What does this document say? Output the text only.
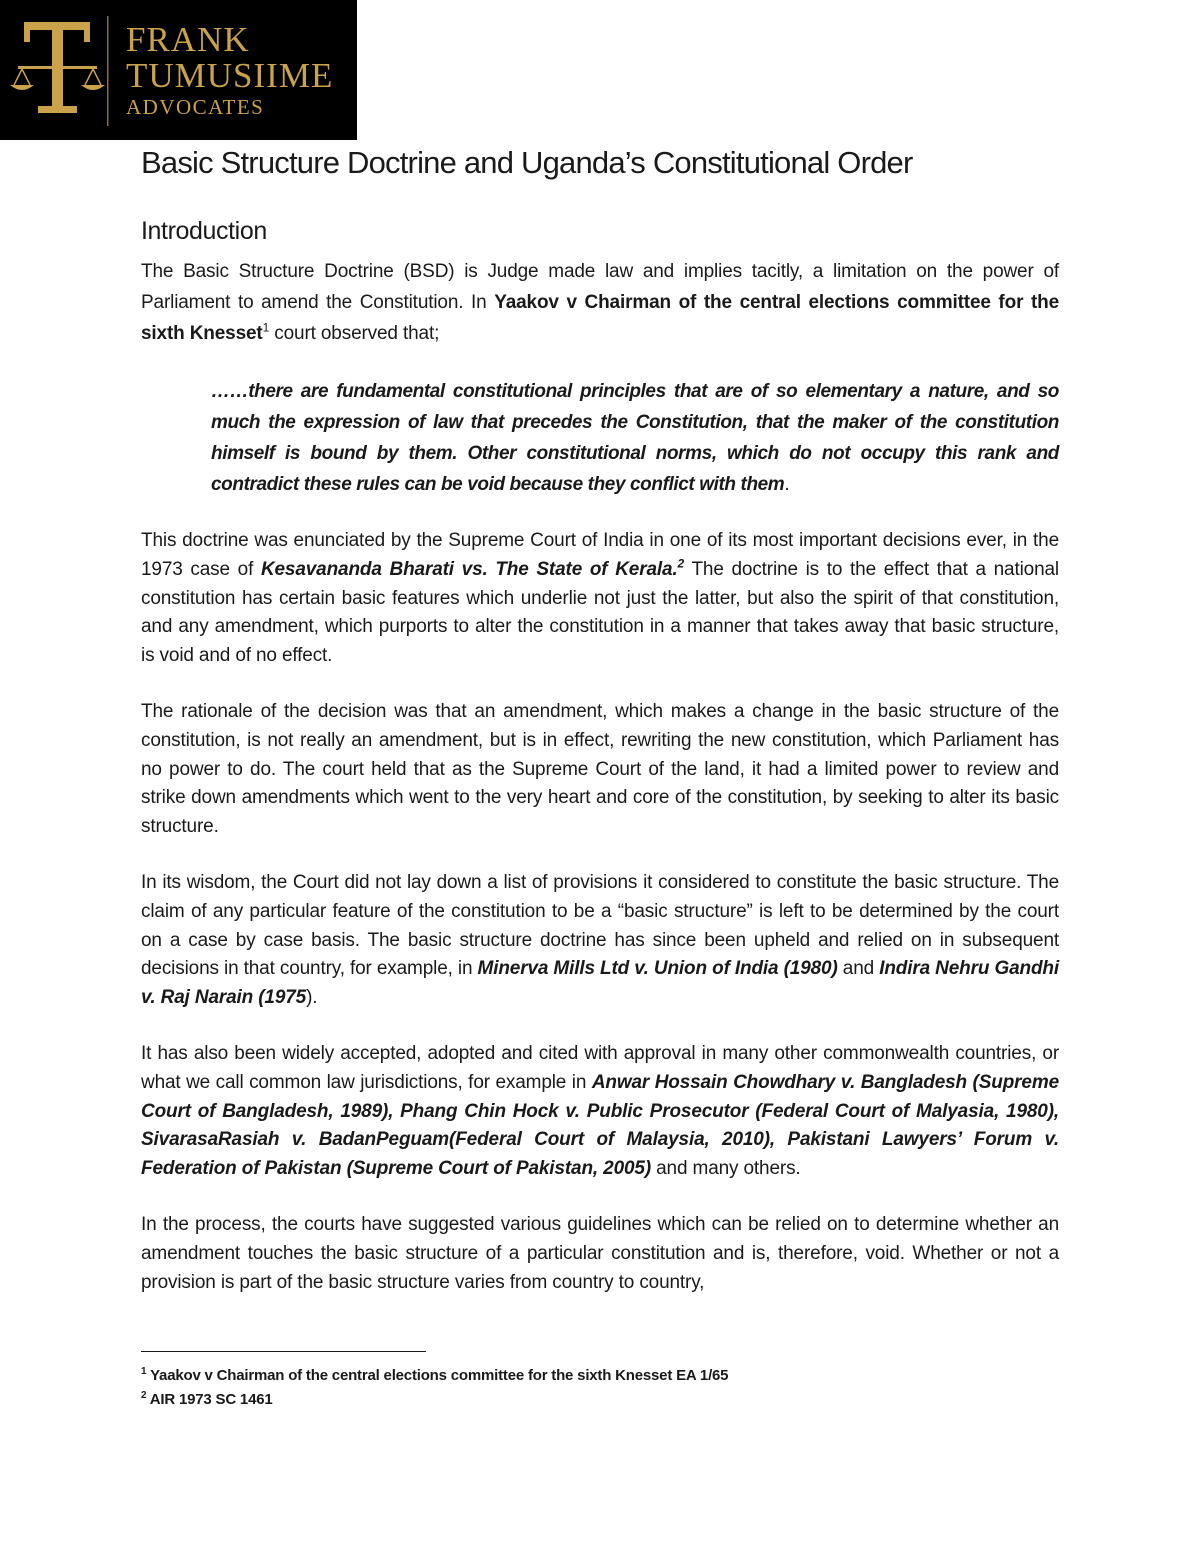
FRANK
TUMUSIIME
ADVOCATES
Basic Structure Doctrine and Uganda’s Constitutional Order
Introduction

The Basic Structure Doctrine (BSD) is Judge made law and implies tacitly, a limitation on the power of Parliament to amend the Constitution. In Yaakov v Chairman of the central elections committee for the sixth Knesset$^1$ court observed that;

……there are fundamental constitutional principles that are of so elementary a nature, and so much the expression of law that precedes the Constitution, that the maker of the constitution himself is bound by them. Other constitutional norms, which do not occupy this rank and contradict these rules can be void because they conflict with them.

This doctrine was enunciated by the Supreme Court of India in one of its most important decisions ever, in the 1973 case of Kesavananda Bharati vs. The State of Kerala.$^2$ The doctrine is to the effect that a national constitution has certain basic features which underlie not just the latter, but also the spirit of that constitution, and any amendment, which purports to alter the constitution in a manner that takes away that basic structure, is void and of no effect.

The rationale of the decision was that an amendment, which makes a change in the basic structure of the constitution, is not really an amendment, but is in effect, rewriting the new constitution, which Parliament has no power to do. The court held that as the Supreme Court of the land, it had a limited power to review and strike down amendments which went to the very heart and core of the constitution, by seeking to alter its basic structure.

In its wisdom, the Court did not lay down a list of provisions it considered to constitute the basic structure. The claim of any particular feature of the constitution to be a “basic structure” is left to be determined by the court on a case by case basis. The basic structure doctrine has since been upheld and relied on in subsequent decisions in that country, for example, in Minerva Mills Ltd v. Union of India (1980) and Indira Nehru Gandhi v. Raj Narain (1975).

It has also been widely accepted, adopted and cited with approval in many other commonwealth countries, or what we call common law jurisdictions, for example in Anwar Hossain Chowdhary v. Bangladesh (Supreme Court of Bangladesh, 1989), Phang Chin Hock v. Public Prosecutor (Federal Court of Malyasia, 1980), SivarasaRasiah v. BadanPeguam(Federal Court of Malaysia, 2010), Pakistani Lawyers’ Forum v. Federation of Pakistan (Supreme Court of Pakistan, 2005) and many others.

In the process, the courts have suggested various guidelines which can be relied on to determine whether an amendment touches the basic structure of a particular constitution and is, therefore, void. Whether or not a provision is part of the basic structure varies from country to country,

$^1$ Yaakov v Chairman of the central elections committee for the sixth Knesset EA 1/65

$^2$ AIR 1973 SC 1461
